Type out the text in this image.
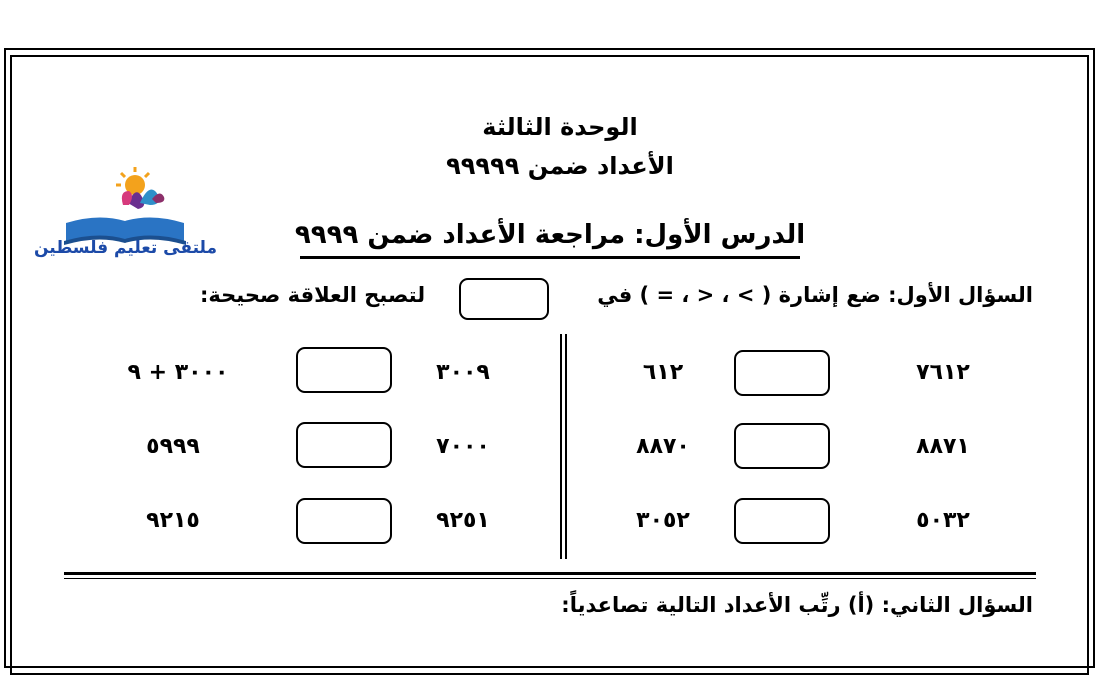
ملتقى تعليم فلسطين
الوحدة الثالثة
الأعداد ضمن ٩٩٩٩٩
الدرس الأول: مراجعة الأعداد ضمن ٩٩٩٩
السؤال الأول: ضع إشارة ( > ، < ، = ) في
لتصبح العلاقة صحيحة:
٧٦١٢
٦١٢
٨٨٧١
٨٨٧٠
٥٠٣٢
٣٠٥٢
٣٠٠٩
٣٠٠٠ + ٩
٧٠٠٠
٥٩٩٩
٩٢٥١
٩٢١٥
السؤال الثاني: (أ) رتِّب الأعداد التالية تصاعدياً:
